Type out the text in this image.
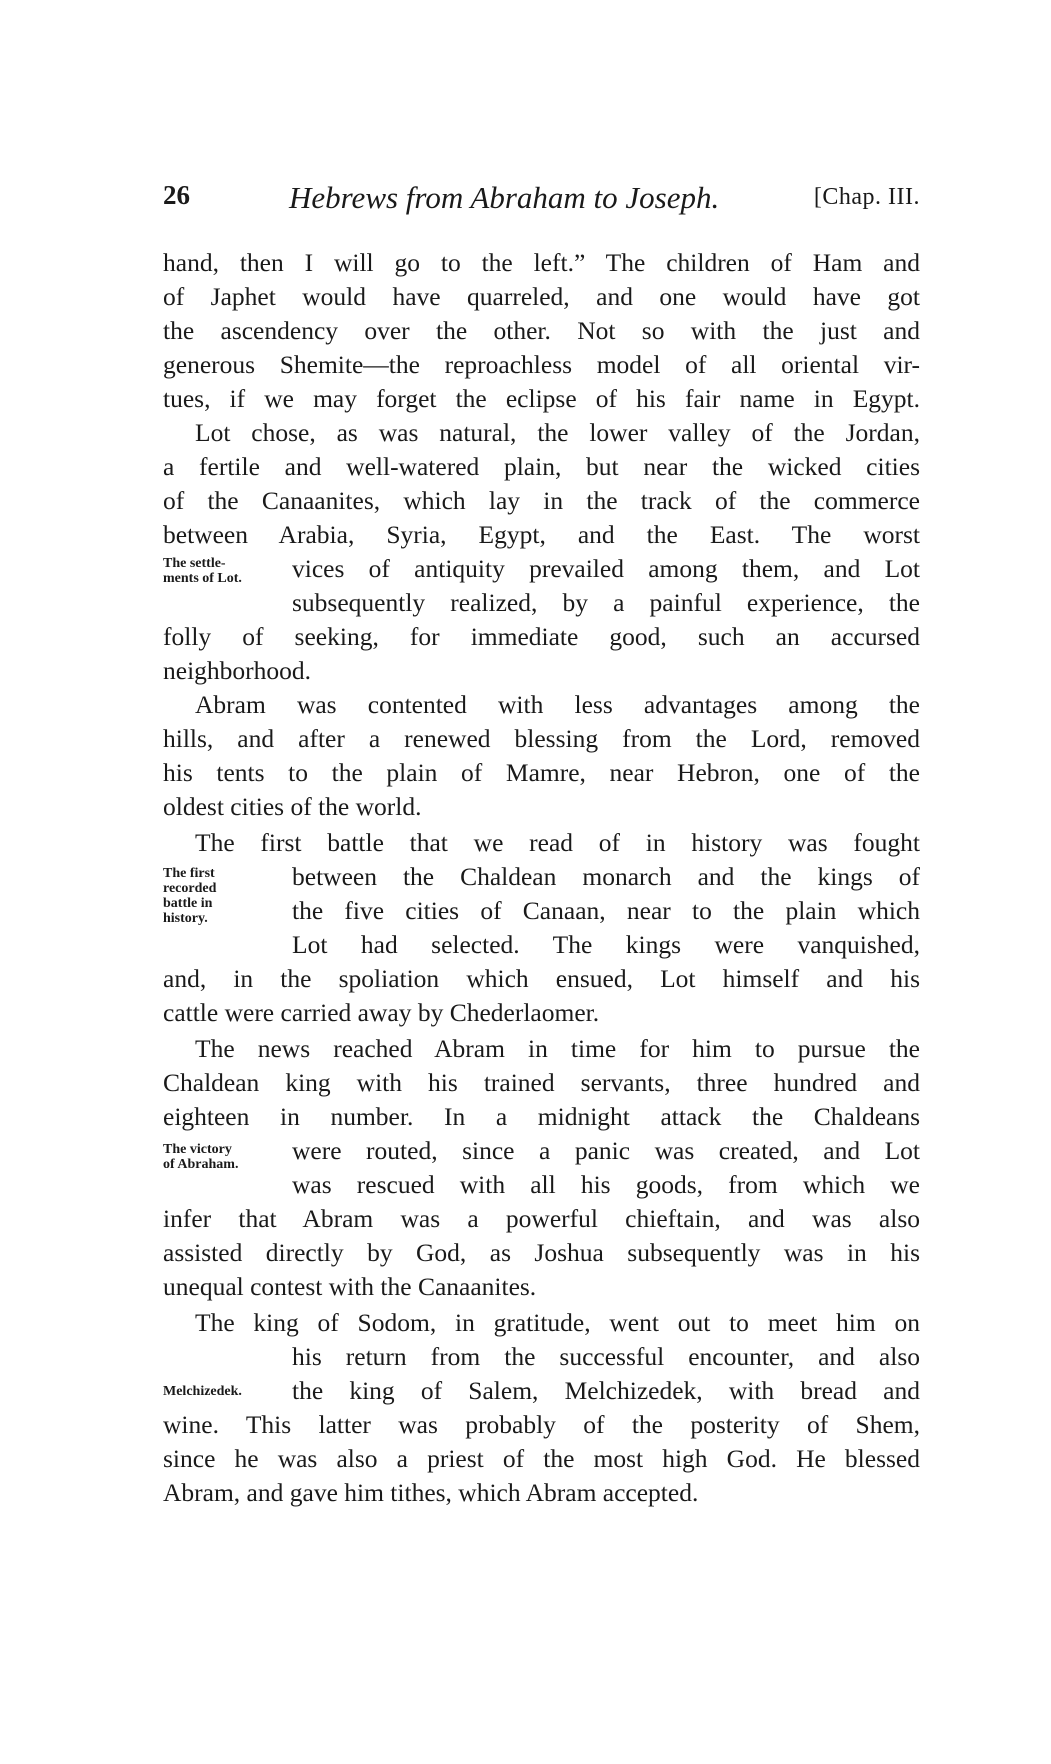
26	Hebrews from Abraham to Joseph.	[Chap. III.
hand, then I will go to the left.” The children of Ham and
of Japhet would have quarreled, and one would have got
the ascendency over the other. Not so with the just and
generous Shemite—the reproachless model of all oriental vir-
tues, if we may forget the eclipse of his fair name in Egypt.
Lot chose, as was natural, the lower valley of the Jordan,
a fertile and well-watered plain, but near the wicked cities
of the Canaanites, which lay in the track of the commerce
between Arabia, Syria, Egypt, and the East. The worst
The settle-
ments of Lot.	vices of antiquity prevailed among them, and Lot
subsequently realized, by a painful experience, the
folly of seeking, for immediate good, such an accursed
neighborhood.
Abram was contented with less advantages among the
hills, and after a renewed blessing from the Lord, removed
his tents to the plain of Mamre, near Hebron, one of the
oldest cities of the world.
The first battle that we read of in history was fought
The first
recorded
battle in
history.
between the Chaldean monarch and the kings of
the five cities of Canaan, near to the plain which
Lot had selected. The kings were vanquished,
and, in the spoliation which ensued, Lot himself and his
cattle were carried away by Chederlaomer.
The news reached Abram in time for him to pursue the
Chaldean king with his trained servants, three hundred and
eighteen in number. In a midnight attack the Chaldeans
The victory
of Abraham.	were routed, since a panic was created, and Lot
was rescued with all his goods, from which we
infer that Abram was a powerful chieftain, and was also
assisted directly by God, as Joshua subsequently was in his
unequal contest with the Canaanites.
The king of Sodom, in gratitude, went out to meet him on
his return from the successful encounter, and also
Melchizedek.	the king of Salem, Melchizedek, with bread and
wine. This latter was probably of the posterity of Shem,
since he was also a priest of the most high God. He blessed
Abram, and gave him tithes, which Abram accepted.
